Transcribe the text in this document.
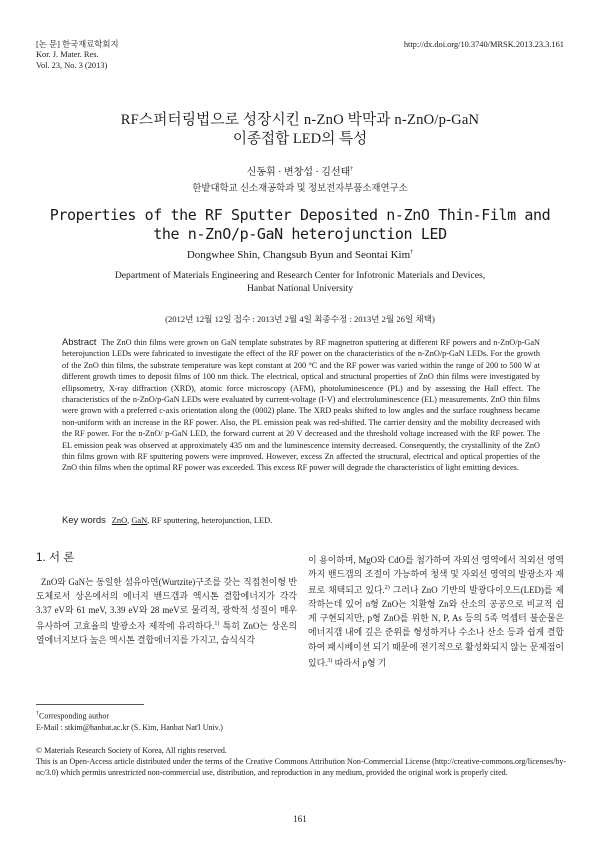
[논 문] 한국재료학회지
Kor. J. Mater. Res.
Vol. 23, No. 3 (2013)
http://dx.doi.org/10.3740/MRSK.2013.23.3.161
RF스퍼터링법으로 성장시킨 n-ZnO 박막과 n-ZnO/p-GaN
이종접합 LED의 특성
신동휘 · 변창섭 · 김선태†
한밭대학교 신소재공학과 및 정보전자부품소재연구소
Properties of the RF Sputter Deposited n-ZnO Thin-Film and
the n-ZnO/p-GaN heterojunction LED
Dongwhee Shin, Changsub Byun and Seontai Kim†
Department of Materials Engineering and Research Center for Infotronic Materials and Devices,
Hanbat National University
(2012년 12월 12일 접수 : 2013년 2월 4일 최종수정 : 2013년 2월 26일 채택)
Abstract The ZnO thin films were grown on GaN template substrates by RF magnetron sputtering at different RF powers and n-ZnO/p-GaN heterojunction LEDs were fabricated to investigate the effect of the RF power on the characteristics of the n-ZnO/p-GaN LEDs. For the growth of the ZnO thin films, the substrate temperature was kept constant at 200 °C and the RF power was varied within the range of 200 to 500 W at different growth times to deposit films of 100 nm thick. The electrical, optical and structural properties of ZnO thin films were investigated by ellipsometry, X-ray diffraction (XRD), atomic force microscopy (AFM), photoluminescence (PL) and by assessing the Hall effect. The characteristics of the n-ZnO/p-GaN LEDs were evaluated by current-voltage (I-V) and electroluminescence (EL) measurements. ZnO thin films were grown with a preferred c-axis orientation along the (0002) plane. The XRD peaks shifted to low angles and the surface roughness became non-uniform with an increase in the RF power. Also, the PL emission peak was red-shifted. The carrier density and the mobility decreased with the RF power. For the n-ZnO/ p-GaN LED, the forward current at 20 V decreased and the threshold voltage increased with the RF power. The EL emission peak was observed at approximately 435 nm and the luminescence intensity decreased. Consequently, the crystallinity of the ZnO thin films grown with RF sputtering powers were improved. However, excess Zn affected the structural, electrical and optical properties of the ZnO thin films when the optimal RF power was exceeded. This excess RF power will degrade the characteristics of light emitting devices.
Key words ZnO, GaN, RF sputtering, heterojunction, LED.
1. 서 론
ZnO와 GaN는 동일한 섬유아연(Wurtzite)구조를 갖는 직접천이형 반도체로서 상온에서의 에너지 밴드갭과 엑시톤 결합에너지가 각각 3.37 eV와 61 meV, 3.39 eV와 28 meV로 물리적, 광학적 성질이 매우 유사하여 고효율의 발광소자 제작에 유리하다.$^{1)}$ 특히 ZnO는 상온의 열에너지보다 높은 엑시톤 결합에너지를 가지고, 습식식각
이 용이하며, MgO와 CdO를 첨가하여 자외선 영역에서 적외선 영역까지 밴드갭의 조절이 가능하여 청색 및 자외선 영역의 발광소자 재료로 채택되고 있다.$^{2)}$ 그러나 ZnO 기반의 발광다이오드(LED)를 제작하는데 있어 n형 ZnO는 치환형 Zn와 산소의 공공으로 비교적 쉽게 구현되지만, p형 ZnO를 위한 N, P, As 등의 5족 억셉터 불순물은 에너지갭 내에 깊은 준위를 형성하거나 수소나 산소 등과 쉽게 결합하여 패시베이션 되기 때문에 전기적으로 활성화되지 않는 문제점이 있다.$^{3)}$ 따라서 p형 기
†Corresponding author
E-Mail : stkim@hanbat.ac.kr (S. Kim, Hanbat Nat'l Univ.)
© Materials Research Society of Korea, All rights reserved.
This is an Open-Access article distributed under the terms of the Creative Commons Attribution Non-Commercial License (http://creative-commons.org/licenses/by-nc/3.0) which permits unrestricted non-commercial use, distribution, and reproduction in any medium, provided the original work is properly cited.
161
